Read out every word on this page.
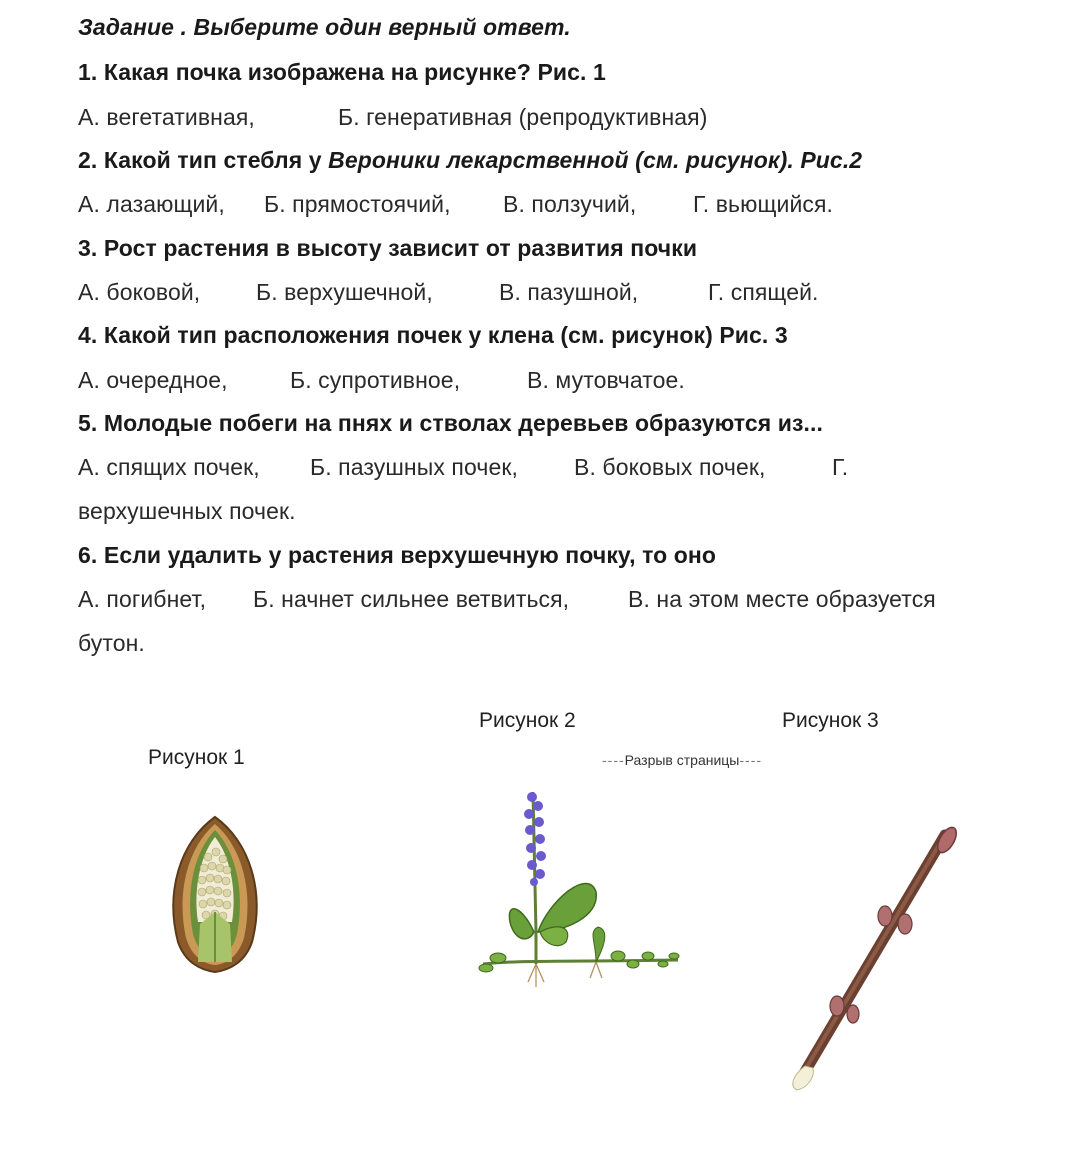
Задание . Выберите один верный ответ.
1. Какая почка изображена на рисунке? Рис. 1
А. вегетативная,	Б. генеративная (репродуктивная)
2. Какой тип стебля у Вероники лекарственной (см. рисунок). Рис.2
А. лазающий, Б. прямостоячий, В. ползучий, Г. вьющийся.
3. Рост растения в высоту зависит от развития почки
А. боковой, Б. верхушечной,	В. пазушной,	Г. спящей.
4. Какой тип расположения почек у клена (см. рисунок) Рис. 3
А. очередное,	Б. супротивное,	В. мутовчатое.
5. Молодые побеги на пнях и стволах деревьев образуются из...
А. спящих почек, Б. пазушных почек, В. боковых почек,	Г.
верхушечных почек.
6. Если удалить у растения верхушечную почку, то оно
А. погибнет, Б. начнет сильнее ветвиться,	В. на этом месте образуется
бутон.
Рисунок 1
Рисунок 2	Рисунок 3
----Разрыв страницы----
